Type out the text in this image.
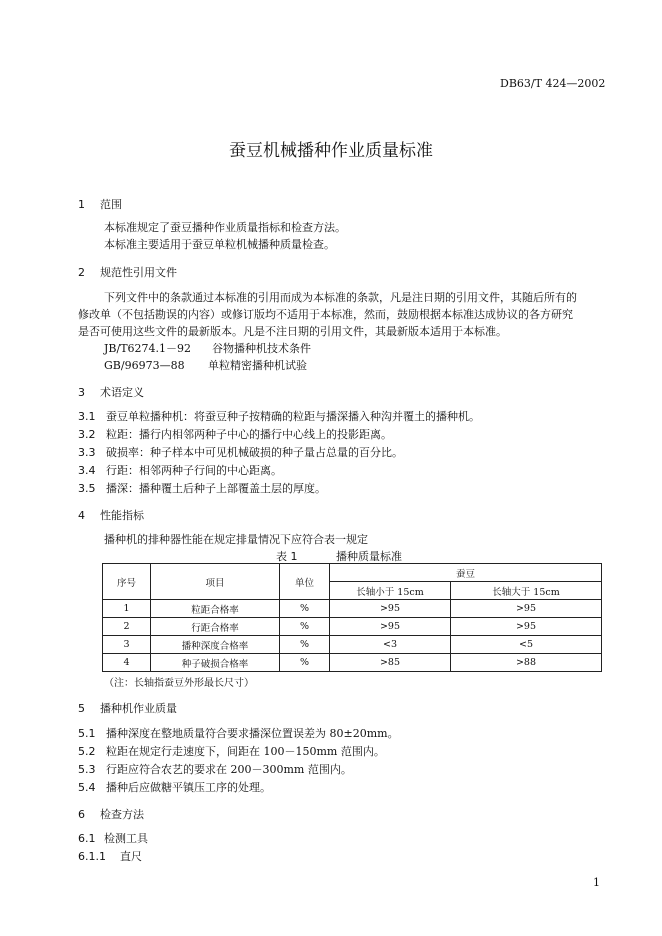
DB63/T 424—2002
蚕豆机械播种作业质量标准
1 范围
本标准规定了蚕豆播种作业质量指标和检查方法。
本标准主要适用于蚕豆单粒机械播种质量检查。
2 规范性引用文件
下列文件中的条款通过本标准的引用而成为本标准的条款，凡是注日期的引用文件，其随后所有的
修改单（不包括勘误的内容）或修订版均不适用于本标准，然而，鼓励根据本标准达成协议的各方研究
是否可使用这些文件的最新版本。凡是不注日期的引用文件，其最新版本适用于本标准。
JB/T6274.1－92 谷物播种机技术条件
GB/96973—88 单粒精密播种机试验
3 术语定义
3.1 蚕豆单粒播种机：将蚕豆种子按精确的粒距与播深播入种沟并覆土的播种机。
3.2 粒距：播行内相邻两种子中心的播行中心线上的投影距离。
3.3 破损率：种子样本中可见机械破损的种子量占总量的百分比。
3.4 行距：相邻两种子行间的中心距离。
3.5 播深：播种覆土后种子上部覆盖土层的厚度。
4 性能指标
播种机的排种器性能在规定排量情况下应符合表一规定
表 1	播种质量标准
序号	项目	单位	蚕豆	
			长轴小于 15cm	长轴大于 15cm
1	粒距合格率	%	>95	>95
2	行距合格率	%	>95	>95
3	播种深度合格率	%	<3	<5
4	种子破损合格率	%	>85	>88
（注：长轴指蚕豆外形最长尺寸）
5 播种机作业质量
5.1 播种深度在整地质量符合要求播深位置误差为 80±20mm。
5.2 粒距在规定行走速度下，间距在 100－150mm 范围内。
5.3 行距应符合农艺的要求在 200－300mm 范围内。
5.4 播种后应做糖平镇压工序的处理。
6 检查方法
6.1 检测工具
6.1.1 直尺
1
